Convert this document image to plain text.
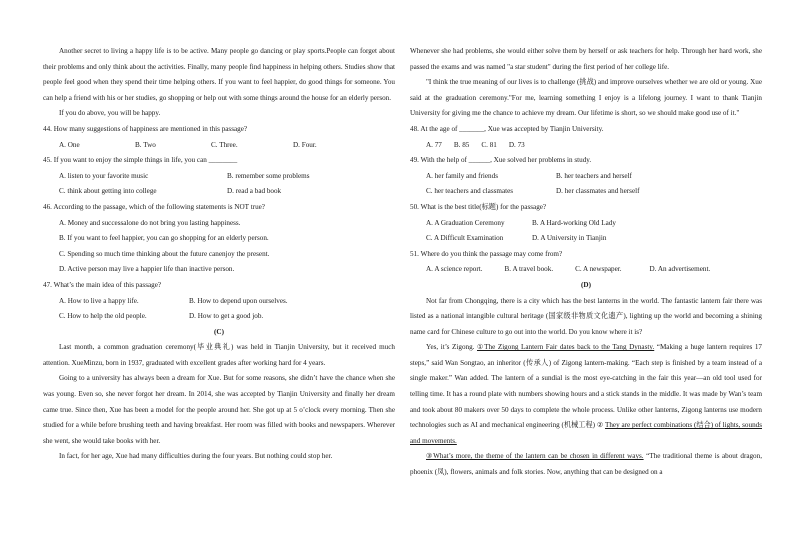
Another secret to living a happy life is to be active. Many people go dancing or play sports.People can forget about their problems and only think about the activities. Finally, many people find happiness in helping others. Studies show that people feel good when they spend their time helping others. If you want to feel happier, do good things for someone. You can help a friend with his or her studies, go shopping or help out with some things around the house for an elderly person.

If you do above, you will be happy.

44. How many suggestions of happiness are mentioned in this passage?

A. One	B. Two	C. Three.	D. Four.

45. If you want to enjoy the simple things in life, you can ________

A. listen to your favorite music	B. remember some problems
C. think about getting into college	D. read a bad book

46. According to the passage, which of the following statements is NOT true?

A. Money and successalone do not bring you lasting happiness.

B. If you want to feel happier, you can go shopping for an elderly person.

C. Spending so much time thinking about the future canenjoy the present.

D. Active person may live a happier life than inactive person.

47. What’s the main idea of this passage?

A. How to live a happy life.	B. How to depend upon ourselves.
C. How to help the old people.	D. How to get a good job.

(C)

Last month, a common graduation ceremony(毕业典礼) was held in Tianjin University, but it received much attention. XueMinzu, born in 1937, graduated with excellent grades after working hard for 4 years.

Going to a university has always been a dream for Xue. But for some reasons, she didn’t have the chance when she was young. Even so, she never forgot her dream. In 2014, she was accepted by Tianjin University and finally her dream came true. Since then, Xue has been a model for the people around her. She got up at 5 o’clock every morning. Then she studied for a while before brushing teeth and having breakfast. Her room was filled with books and newspapers. Wherever she went, she would take books with her.

In fact, for her age, Xue had many difficulties during the four years. But nothing could stop her.

Whenever she had problems, she would either solve them by herself or ask teachers for help. Through her hard work, she passed the exams and was named "a star student" during the first period of her college life.

"I think the true meaning of our lives is to challenge (挑战) and improve ourselves whether we are old or young. Xue said at the graduation ceremony."For me, learning something I enjoy is a lifelong journey. I want to thank Tianjin University for giving me the chance to achieve my dream. Our lifetime is short, so we should make good use of it."

48. At the age of _______, Xue was accepted by Tianjin University.

A. 77 B. 85 C. 81 D. 73

49. With the help of ______, Xue solved her problems in study.

A. her family and friends	B. her teachers and herself
C. her teachers and classmates	D. her classmates and herself

50. What is the best title(标题) for the passage?

A. A Graduation Ceremony	B. A Hard-working Old Lady
C. A Difficult Examination	D. A University in Tianjin

51. Where do you think the passage may come from?

A. A science report.	B. A travel book.	C. A newspaper.	D. An advertisement.

(D)

Not far from Chongqing, there is a city which has the best lanterns in the world. The fantastic lantern fair there was listed as a national intangible cultural heritage (国家级非物质文化遗产), lighting up the world and becoming a shining name card for Chinese culture to go out into the world. Do you know where it is?

Yes, it’s Zigong. ①The Zigong Lantern Fair dates back to the Tang Dynasty. “Making a huge lantern requires 17 steps,” said Wan Songtao, an inheritor (传承人) of Zigong lantern-making. “Each step is finished by a team instead of a single maker.” Wan added. The lantern of a sundial is the most eye-catching in the fair this year—an old tool used for telling time. It has a round plate with numbers showing hours and a stick stands in the middle. It was made by Wan’s team and took about 80 makers over 50 days to complete the whole process. Unlike other lanterns, Zigong lanterns use modern technologies such as AI and mechanical engineering (机械工程) ② They are perfect combinations (结合) of lights, sounds and movements.

③What’s more, the theme of the lantern can be chosen in different ways. “The traditional theme is about dragon, phoenix (凤), flowers, animals and folk stories. Now, anything that can be designed on a
